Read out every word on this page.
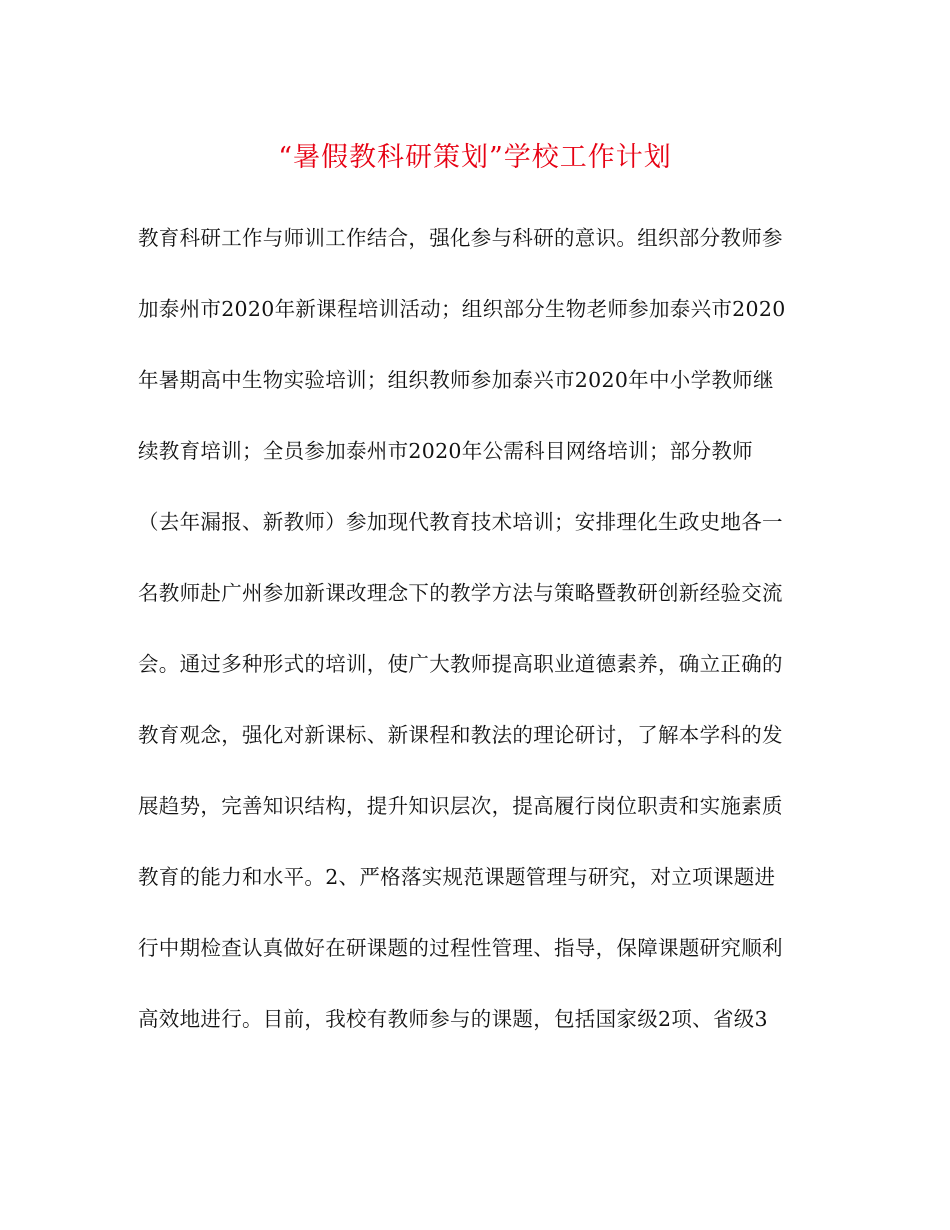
“暑假教科研策划”学校工作计划
教育科研工作与师训工作结合，强化参与科研的意识。组织部分教师参
加泰州市2020年新课程培训活动；组织部分生物老师参加泰兴市2020
年暑期高中生物实验培训；组织教师参加泰兴市2020年中小学教师继
续教育培训；全员参加泰州市2020年公需科目网络培训；部分教师
（去年漏报、新教师）参加现代教育技术培训；安排理化生政史地各一
名教师赴广州参加新课改理念下的教学方法与策略暨教研创新经验交流
会。通过多种形式的培训，使广大教师提高职业道德素养，确立正确的
教育观念，强化对新课标、新课程和教法的理论研讨，了解本学科的发
展趋势，完善知识结构，提升知识层次，提高履行岗位职责和实施素质
教育的能力和水平。2、严格落实规范课题管理与研究，对立项课题进
行中期检查认真做好在研课题的过程性管理、指导，保障课题研究顺利
高效地进行。目前，我校有教师参与的课题，包括国家级2项、省级3
